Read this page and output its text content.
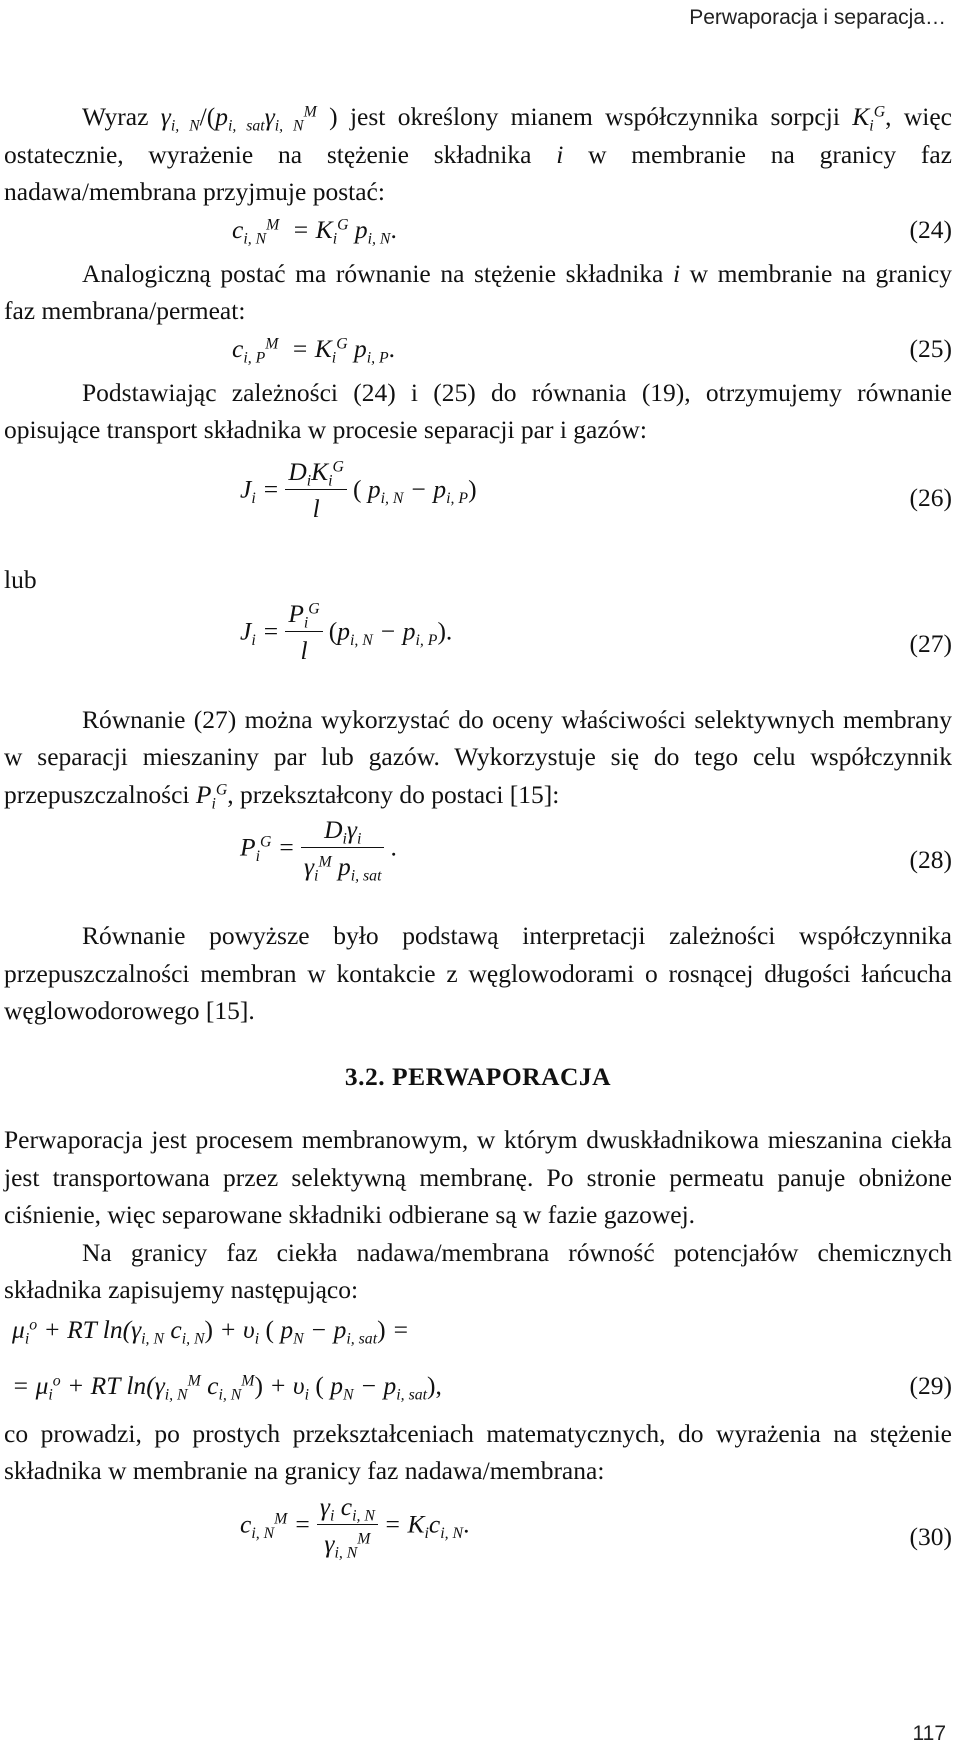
Perwaporacja i separacja…

Wyraz $\gamma_{i, N}/(p_{i, sat}\gamma_{i, N}^M$ ) jest określony mianem współczynnika sorpcji $K_i^G$, więc ostatecznie, wyrażenie na stężenie składnika i w membranie na granicy faz nadawa/membrana przyjmuje postać:

$c_{i, N}^M = K_i^G$ $p_{i, N}$.	(24)

Analogiczną postać ma równanie na stężenie składnika i w membranie na granicy faz membrana/permeat:

$c_{i, P}^M = K_i^G$ $p_{i, P}$.	(25)

Podstawiając zależności (24) i (25) do równania (19), otrzymujemy równanie opisujące transport składnika w procesie separacji par i gazów:

$J_i = \frac{D_iK_i^G}{l}$ ( $p_{i, N} - p_{i, P}$)	(26)

lub

$J_i = \frac{P_i^G}{l} (p_{i, N} - p_{i, P})$.	(27)

Równanie (27) można wykorzystać do oceny właściwości selektywnych membrany w separacji mieszaniny par lub gazów. Wykorzystuje się do tego celu współczynnik przepuszczalności $P_i^G$, przekształcony do postaci [15]:

$P_i^G = \frac{D_i\gamma_i}{\gamma_i^M p_{i, sat}}$ .	(28)

Równanie powyższe było podstawą interpretacji zależności współczynnika przepuszczalności membran w kontakcie z węglowodorami o rosnącej długości łańcucha węglowodorowego [15].

3.2. PERWAPORACJA

Perwaporacja jest procesem membranowym, w którym dwuskładnikowa mieszanina ciekła jest transportowana przez selektywną membranę. Po stronie permeatu panuje obniżone ciśnienie, więc separowane składniki odbierane są w fazie gazowej.

Na granicy faz ciekła nadawa/membrana równość potencjałów chemicznych składnika zapisujemy następująco:

$\mu_i^o$ + RT $\ln(\gamma_{i, N}$ $c_{i, N}) + \upsilon_i$ ( $p_N - p_{i, sat}$) =
= $\mu_i^o$ + RT $\ln(\gamma_{i, N}^M$ $c_{i, N}^M) + \upsilon_i$ ( $p_N - p_{i, sat}$),	(29)

co prowadzi, po prostych przekształceniach matematycznych, do wyrażenia na stężenie składnika w membranie na granicy faz nadawa/membrana:

$c_{i, N}^M = \frac{\gamma_i c_{i, N}}{\gamma_{i, N}^M} = K_ic_{i, N}$.	(30)
117
